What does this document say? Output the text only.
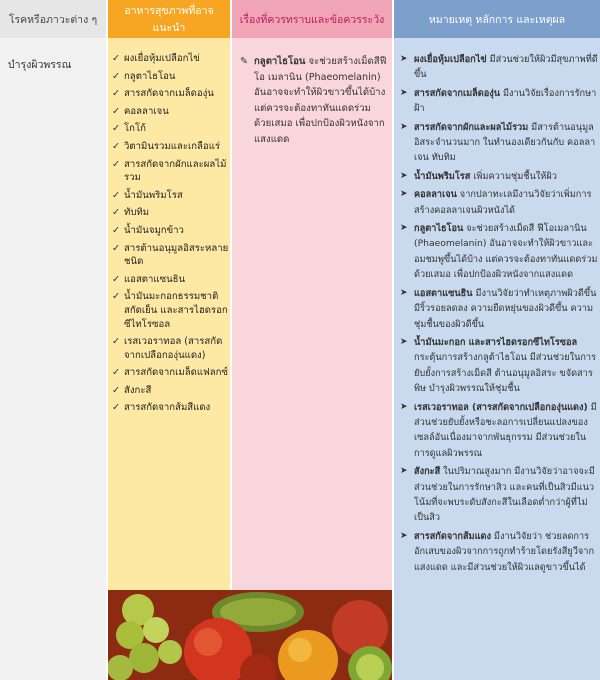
โรคหรือภาวะต่าง ๆ
อาหารสุขภาพที่อาจแนะนำ
เรื่องที่ควรทราบและข้อควรระวัง	หมายเหตุ หลักการ และเหตุผล
บำรุงผิวพรรณ
✓ ผงเยื่อหุ้มเปลือกไข่
✓ กลูตาไธโอน
✓ สารสกัดจากเมล็ดองุ่น
✓ คอลลาเจน
✓ โกโก้
✓ วิตามินรวมและเกลือแร่
✓ สารสกัดจากผักและผลไม้รวม
✓ น้ำมันพริมโรส
✓ ทับทิม
✓ น้ำมันจมูกข้าว
✓ สารต้านอนุมูลอิสระหลายชนิด
✓ แอสตาแซนธิน
✓ น้ำมันมะกอกธรรมชาติสกัดเย็น และสารไฮดรอกซีไทโรซอล
✓ เรสเวอราทอล (สารสกัดจากเปลือกองุ่นแดง)
✓ สารสกัดจากเมล็ดแฟลกซ์
✓ สังกะสี
✓ สารสกัดจากส้มสีแดง
✎ กลูตาไธโอน จะช่วยสร้างเม็ดสีฟีโอ เมลานิน (Phaeomelanin) อันอาจจะทำให้ผิวขาวขึ้นได้บ้าง แต่ควรจะต้องทาทันแดดร่วมด้วยเสมอ เพื่อปกป้องผิวหนังจากแสงแดด
➤ ผงเยื่อหุ้มเปลือกไข่ มีส่วนช่วยให้ผิวมีสุขภาพที่ดีขึ้น
➤ สารสกัดจากเมล็ดองุ่น มีงานวิจัยเรื่องการรักษาฝ้า
➤ สารสกัดจากผักและผลไม้รวม มีสารต้านอนุมูลอิสระจำนวนมาก ในทำนองเดียวกันกับ คอลลาเจน ทับทิม
➤ น้ำมันพริมโรส เพิ่มความชุ่มชื้นให้ผิว
➤ คอลลาเจน จากปลาทะเลมีงานวิจัยว่าเพิ่มการสร้างคอลลาเจนผิวหนังได้
➤ กลูตาไธโอน จะช่วยสร้างเม็ดสี ฟีโอเมลานิน (Phaeomelanin) อันอาจจะทำให้ผิวขาวและอมชมพูขึ้นได้บ้าง แต่ควรจะต้องทาทันแดดร่วมด้วยเสมอ เพื่อปกป้องผิวหนังจากแสงแดด
➤ แอสตาแซนธิน มีงานวิจัยว่าทำเหตุภาพผิวดีขึ้น มีริ้วรอยลดลง ความยืดหยุ่นของผิวดีขึ้น ความชุ่มชื้นของผิวดีขึ้น
➤ น้ำมันมะกอก และสารไฮดรอกซีไทโรซอล กระตุ้นการสร้างกลูต้าไธโอน มีส่วนช่วยในการยับยั้งการสร้างเม็ดสี ต้านอนุมูลอิสระ ขจัดสารพิษ บำรุงผิวพรรณให้ชุ่มชื้น
➤ เรสเวอราทอล (สารสกัดจากเปลือกองุ่นแดง) มีส่วนช่วยยับยั้งหรือชะลอการเปลี่ยนแปลงของเซลล์อันเนื่องมาจากพันธุกรรม มีส่วนช่วยในการดูแลผิวพรรณ
➤ สังกะสี ในปริมาณสูงมาก มีงานวิจัยว่าอาจจะมีส่วนช่วยในการรักษาสิว และคนที่เป็นสิวมีแนวโน้มที่จะพบระดับสังกะสีในเลือดต่ำกว่าผู้ที่ไม่เป็นสิว
➤ สารสกัดจากส้มแดง มีงานวิจัยว่า ช่วยลดการอักเสบของผิวจากการถูกทำร้ายโดยรังสียูวีจากแสงแดด และมีส่วนช่วยให้ผิวแลดูขาวขึ้นได้
